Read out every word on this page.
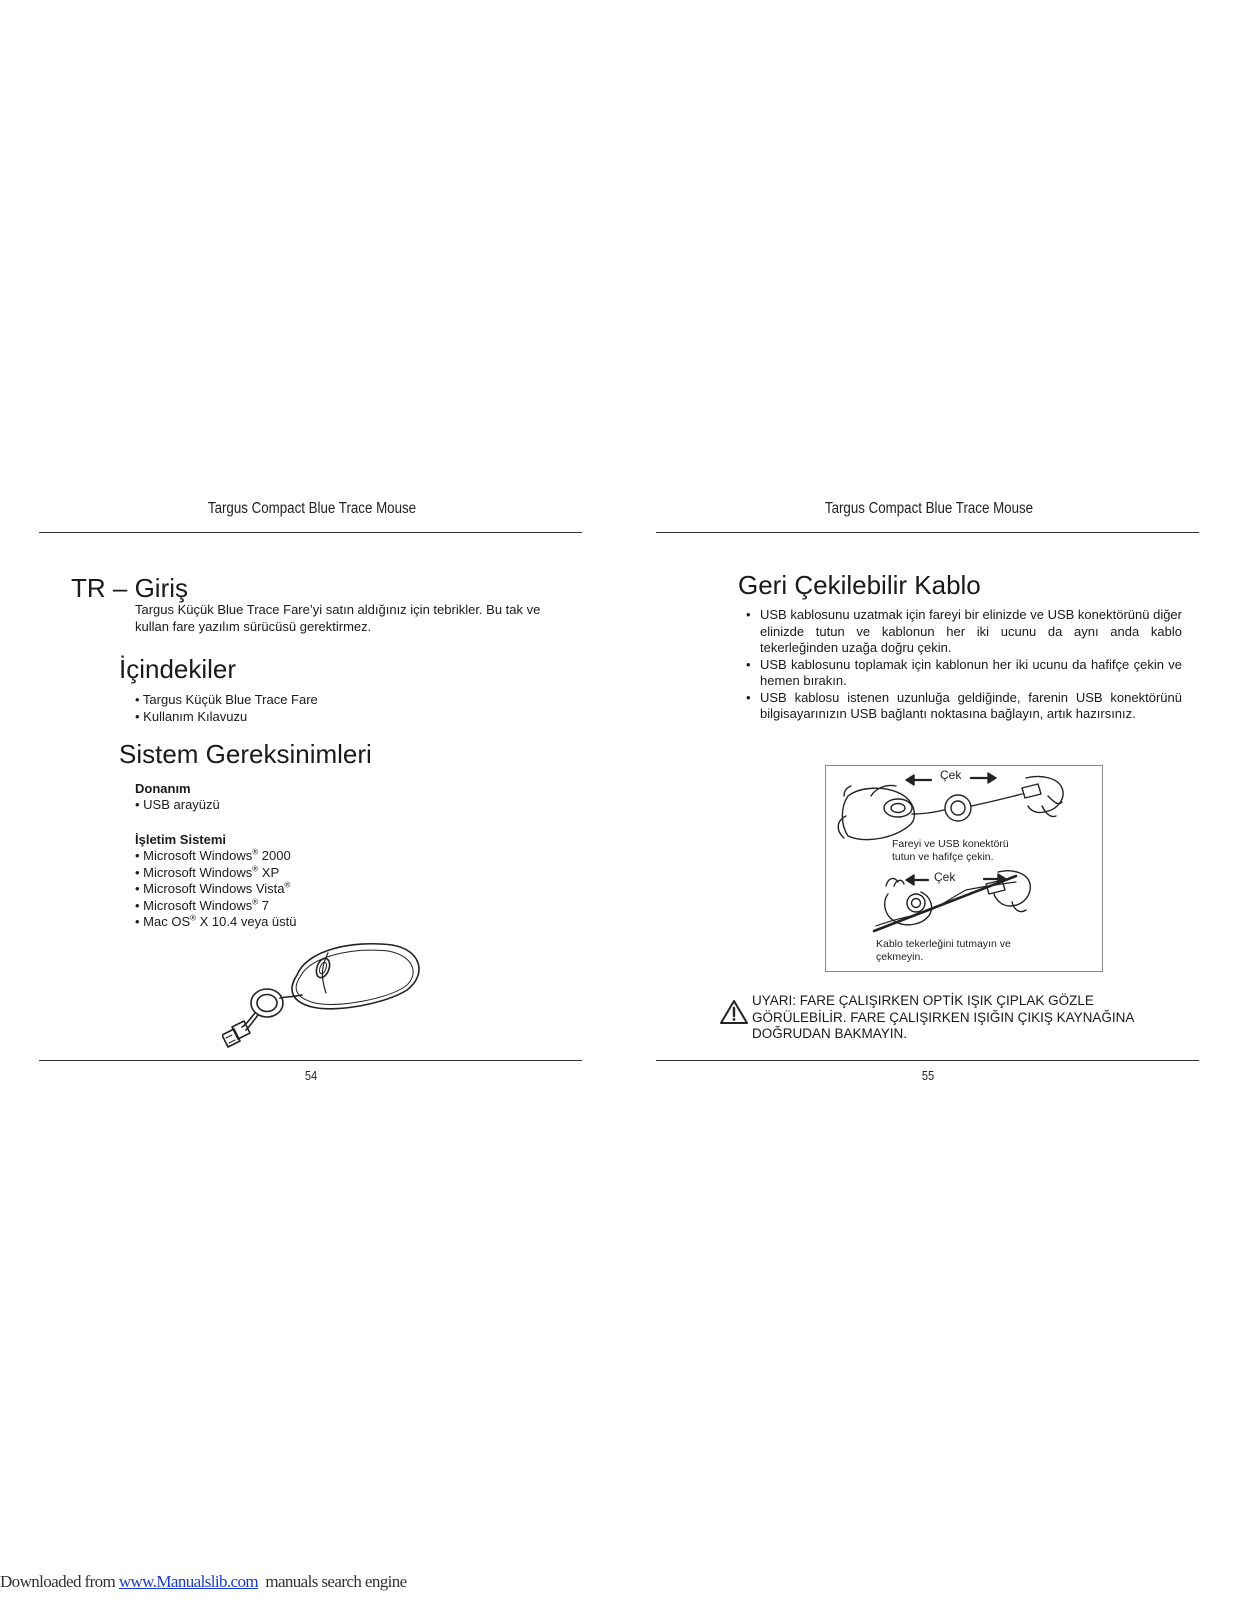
Targus Compact Blue Trace Mouse
TR – Giriş
Targus Küçük Blue Trace Fare’yi satın aldığınız için tebrikler. Bu tak ve
kullan fare yazılım sürücüsü gerektirmez.
İçindekiler
• Targus Küçük Blue Trace Fare
• Kullanım Kılavuzu
Sistem Gereksinimleri
Donanım
• USB arayüzü
İşletim Sistemi
• Microsoft Windows® 2000
• Microsoft Windows® XP
• Microsoft Windows Vista®
• Microsoft Windows® 7
• Mac OS® X 10.4 veya üstü
54
Targus Compact Blue Trace Mouse
Geri Çekilebilir Kablo
• USB kablosunu uzatmak için fareyi bir elinizde ve USB konektörünü diğer elinizde tutun ve kablonun her iki ucunu da aynı anda kablo tekerleğinden uzağa doğru çekin.
• USB kablosunu toplamak için kablonun her iki ucunu da hafifçe çekin ve hemen bırakın.
• USB kablosu istenen uzunluğa geldiğinde, farenin USB konektörünü bilgisayarınızın USB bağlantı noktasına bağlayın, artık hazırsınız.
Çek
Fareyi ve USB konektörü
tutun ve hafifçe çekin.
Çek
Kablo tekerleğini tutmayın ve
çekmeyin.
UYARI: FARE ÇALIŞIRKEN OPTİK IŞIK ÇIPLAK GÖZLE
GÖRÜLEBİLİR. FARE ÇALIŞIRKEN IŞIĞIN ÇIKIŞ KAYNAĞINA
DOĞRUDAN BAKMAYIN.
55
Downloaded from www.Manualslib.com  manuals search engine
